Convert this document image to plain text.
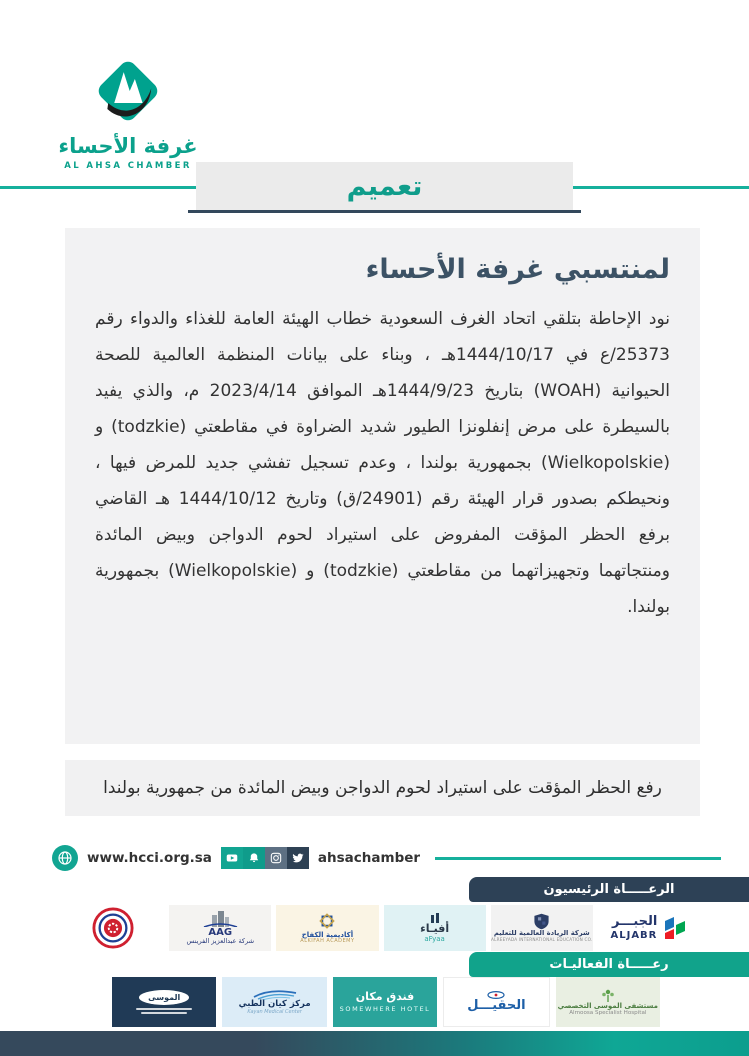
غرفة الأحساء
AL AHSA CHAMBER
تعميم
لمنتسبي غرفة الأحساء

نود الإحاطة بتلقي اتحاد الغرف السعودية خطاب الهيئة العامة للغذاء والدواء رقم 25373/ع في 1444/10/17هـ ، وبناء على بيانات المنظمة العالمية للصحة الحيوانية (WOAH) بتاريخ 1444/9/23هـ الموافق 2023/4/14 م، والذي يفيد بالسيطرة على مرض إنفلونزا الطيور شديد الضراوة في مقاطعتي (todzkie) و (Wielkopolskie) بجمهورية بولندا ، وعدم تسجيل تفشي جديد للمرض فيها ، ونحيطكم بصدور قرار الهيئة رقم (24901/ق) وتاريخ 1444/10/12 هـ القاضي برفع الحظر المؤقت المفروض على استيراد لحوم الدواجن وبيض المائدة ومنتجاتهما وتجهيزاتهما من مقاطعتي (todzkie) و (Wielkopolskie) بجمهورية بولندا.

رفع الحظر المؤقت على استيراد لحوم الدواجن وبيض المائدة من جمهورية بولندا
www.hcci.org.sa	ahsachamber
الرعـــــاة الرئيسيون
AAG
شركة عبدالعزيز الفرينس
أكاديمية الكفاح
ALKIFAH ACADEMY
أفيـاء
aFyaa
شركة الريادة العالمية للتعليم
ALREEYADA INTERNATIONAL EDUCATION CO.
الجبـــر
ALJABR
رعـــــاة الفعاليـات
الموسى
مركز كيان الطبي
Kayan Medical Center
فندق مكان
SOMEWHERE HOTEL	الحقيـــل	مستشفى الموسى التخصصي
Almoosa Specialist Hospital
